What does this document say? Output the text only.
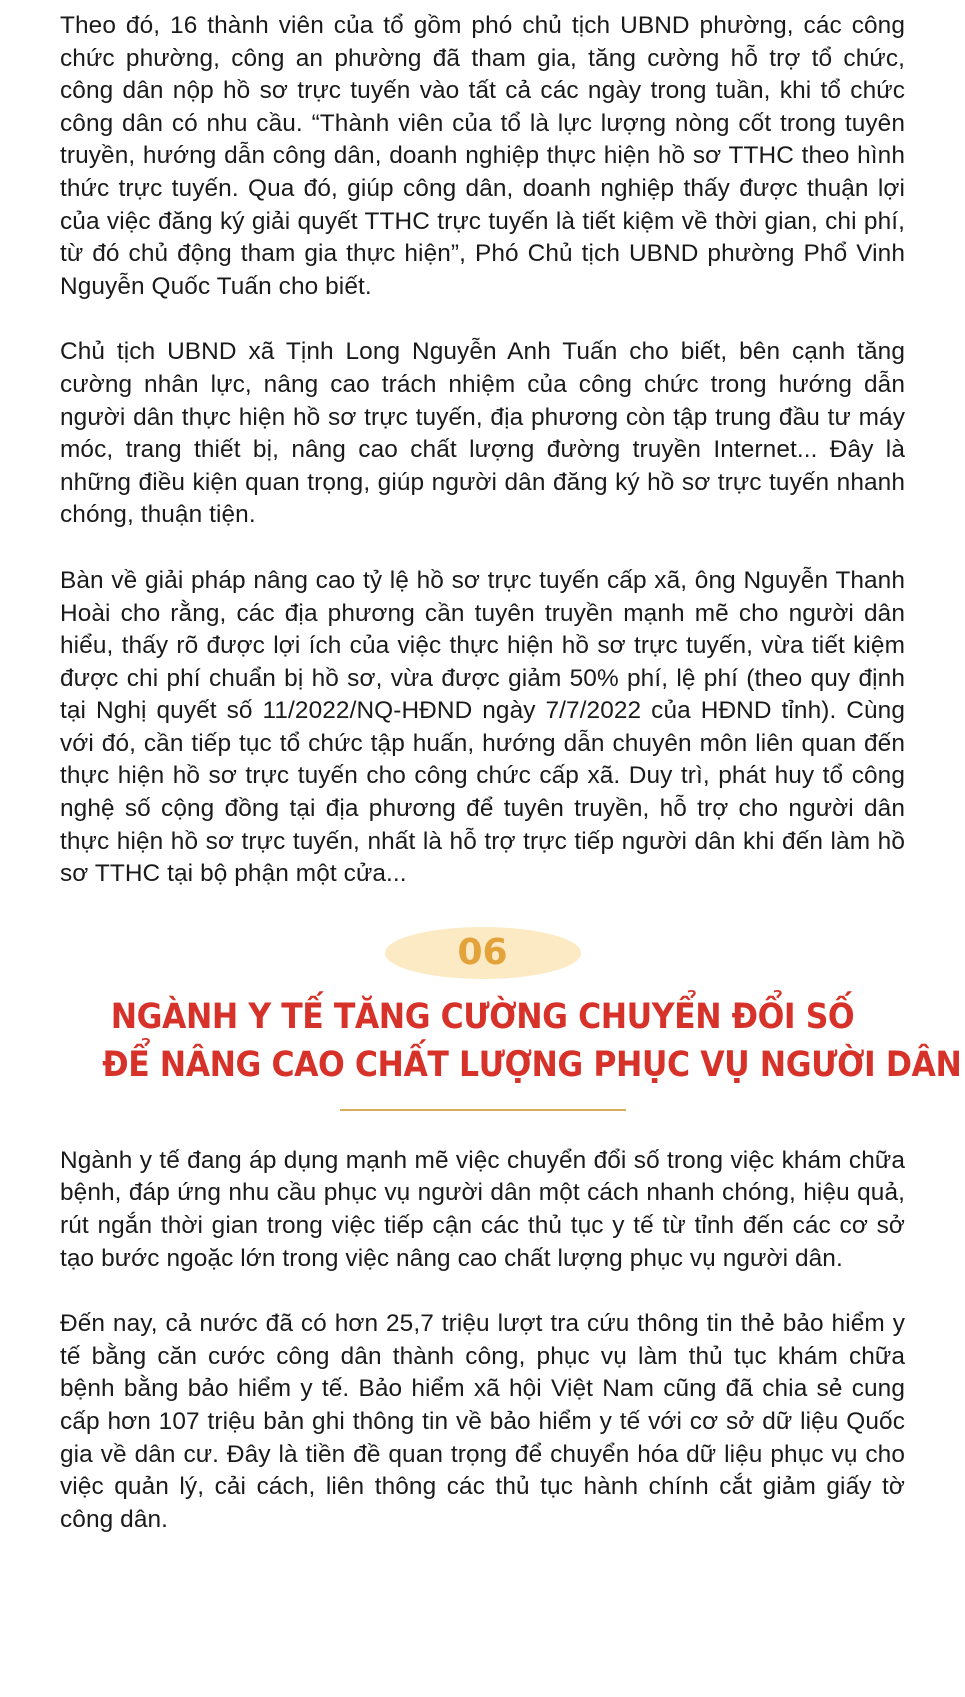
Theo đó, 16 thành viên của tổ gồm phó chủ tịch UBND phường, các công chức phường, công an phường đã tham gia, tăng cường hỗ trợ tổ chức, công dân nộp hồ sơ trực tuyến vào tất cả các ngày trong tuần, khi tổ chức công dân có nhu cầu. “Thành viên của tổ là lực lượng nòng cốt trong tuyên truyền, hướng dẫn công dân, doanh nghiệp thực hiện hồ sơ TTHC theo hình thức trực tuyến. Qua đó, giúp công dân, doanh nghiệp thấy được thuận lợi của việc đăng ký giải quyết TTHC trực tuyến là tiết kiệm về thời gian, chi phí, từ đó chủ động tham gia thực hiện”, Phó Chủ tịch UBND phường Phổ Vinh Nguyễn Quốc Tuấn cho biết.

Chủ tịch UBND xã Tịnh Long Nguyễn Anh Tuấn cho biết, bên cạnh tăng cường nhân lực, nâng cao trách nhiệm của công chức trong hướng dẫn người dân thực hiện hồ sơ trực tuyến, địa phương còn tập trung đầu tư máy móc, trang thiết bị, nâng cao chất lượng đường truyền Internet... Đây là những điều kiện quan trọng, giúp người dân đăng ký hồ sơ trực tuyến nhanh chóng, thuận tiện.

Bàn về giải pháp nâng cao tỷ lệ hồ sơ trực tuyến cấp xã, ông Nguyễn Thanh Hoài cho rằng, các địa phương cần tuyên truyền mạnh mẽ cho người dân hiểu, thấy rõ được lợi ích của việc thực hiện hồ sơ trực tuyến, vừa tiết kiệm được chi phí chuẩn bị hồ sơ, vừa được giảm 50% phí, lệ phí (theo quy định tại Nghị quyết số 11/2022/NQ-HĐND ngày 7/7/2022 của HĐND tỉnh). Cùng với đó, cần tiếp tục tổ chức tập huấn, hướng dẫn chuyên môn liên quan đến thực hiện hồ sơ trực tuyến cho công chức cấp xã. Duy trì, phát huy tổ công nghệ số cộng đồng tại địa phương để tuyên truyền, hỗ trợ cho người dân thực hiện hồ sơ trực tuyến, nhất là hỗ trợ trực tiếp người dân khi đến làm hồ sơ TTHC tại bộ phận một cửa...

06
NGÀNH Y TẾ TĂNG CƯỜNG CHUYỂN ĐỔI SỐ
ĐỂ NÂNG CAO CHẤT LƯỢNG PHỤC VỤ NGƯỜI DÂN

Ngành y tế đang áp dụng mạnh mẽ việc chuyển đổi số trong việc khám chữa bệnh, đáp ứng nhu cầu phục vụ người dân một cách nhanh chóng, hiệu quả, rút ngắn thời gian trong việc tiếp cận các thủ tục y tế từ tỉnh đến các cơ sở tạo bước ngoặc lớn trong việc nâng cao chất lượng phục vụ người dân.

Đến nay, cả nước đã có hơn 25,7 triệu lượt tra cứu thông tin thẻ bảo hiểm y tế bằng căn cước công dân thành công, phục vụ làm thủ tục khám chữa bệnh bằng bảo hiểm y tế. Bảo hiểm xã hội Việt Nam cũng đã chia sẻ cung cấp hơn 107 triệu bản ghi thông tin về bảo hiểm y tế với cơ sở dữ liệu Quốc gia về dân cư. Đây là tiền đề quan trọng để chuyển hóa dữ liệu phục vụ cho việc quản lý, cải cách, liên thông các thủ tục hành chính cắt giảm giấy tờ công dân.
